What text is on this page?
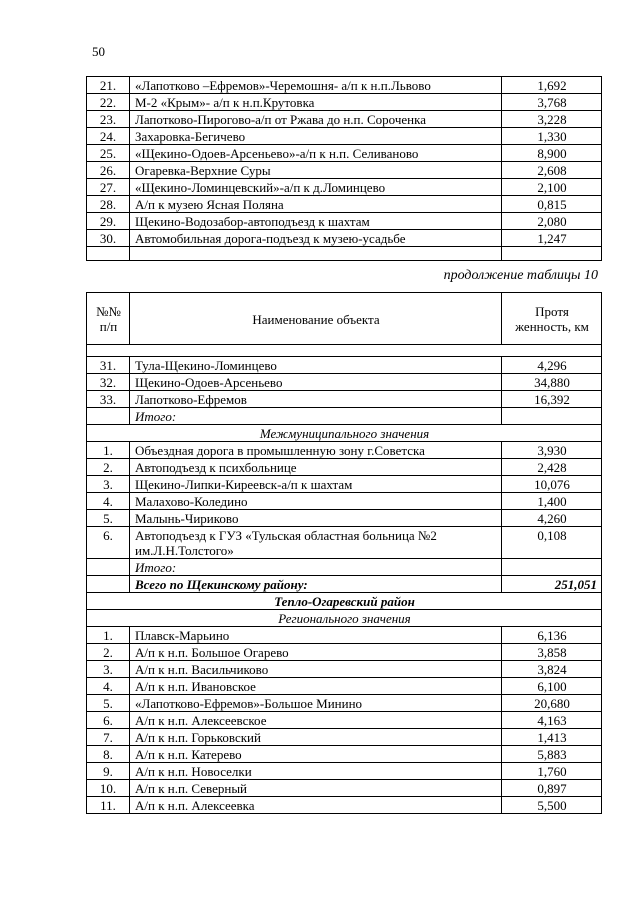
50
21.	«Лапотково –Ефремов»-Черемошня- а/п к н.п.Львово	1,692
22.	М-2 «Крым»- а/п к н.п.Крутовка	3,768
23.	Лапотково-Пирогово-а/п от Ржава до н.п. Сороченка	3,228
24.	Захаровка-Бегичево	1,330
25.	«Щекино-Одоев-Арсеньево»-а/п к н.п. Селиваново	8,900
26.	Огаревка-Верхние Суры	2,608
27.	«Щекино-Ломинцевский»-а/п к д.Ломинцево	2,100
28.	А/п к музею Ясная Поляна	0,815
29.	Щекино-Водозабор-автоподъезд к шахтам	2,080
30.	Автомобильная дорога-подъезд к музею-усадьбе	1,247

продолжение таблицы 10
№№ п/п	Наименование объекта	Протя женность, км

31.	Тула-Щекино-Ломинцево	4,296
32.	Щекино-Одоев-Арсеньево	34,880
33.	Лапотково-Ефремов	16,392
	Итого:	
Межмуниципального значения		
1.	Объездная дорога в промышленную зону г.Советска	3,930
2.	Автоподъезд к психбольнице	2,428
3.	Щекино-Липки-Киреевск-а/п к шахтам	10,076
4.	Малахово-Коледино	1,400
5.	Малынь-Чириково	4,260
6.	Автоподъезд к ГУЗ «Тульская областная больница №2 им.Л.Н.Толстого»	0,108
	Итого:	
	Всего по Щекинскому району:	251,051
Тепло-Огаревский район		
Регионального значения		
1.	Плавск-Марьино	6,136
2.	А/п к н.п. Большое Огарево	3,858
3.	А/п к н.п. Васильчиково	3,824
4.	А/п к н.п. Ивановское	6,100
5.	«Лапотково-Ефремов»-Большое Минино	20,680
6.	А/п к н.п. Алексеевское	4,163
7.	А/п к н.п. Горьковский	1,413
8.	А/п к н.п. Катерево	5,883
9.	А/п к н.п. Новоселки	1,760
10.	А/п к н.п. Северный	0,897
11.	А/п к н.п. Алексеевка	5,500
